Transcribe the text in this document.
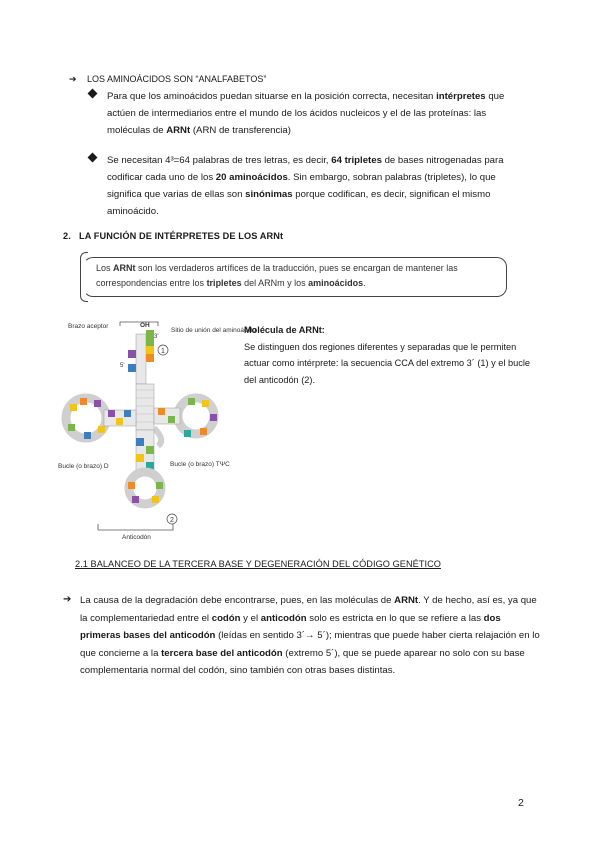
➔ LOS AMINOÁCIDOS SON “ANALFABETOS”
Para que los aminoácidos puedan situarse en la posición correcta, necesitan intérpretes que actúen de intermediarios entre el mundo de los ácidos nucleicos y el de las proteínas: las moléculas de ARNt (ARN de transferencia)
Se necesitan 4³=64 palabras de tres letras, es decir, 64 tripletes de bases nitrogenadas para codificar cada uno de los 20 aminoácidos. Sin embargo, sobran palabras (tripletes), lo que significa que varias de ellas son sinónimas porque codifican, es decir, significan el mismo aminoácido.
2. LA FUNCIÓN DE INTÉRPRETES DE LOS ARNt
Los ARNt son los verdaderos artífices de la traducción, pues se encargan de mantener las correspondencias entre los tripletes del ARNm y los aminoácidos.
Brazo aceptor
Sitio de unión del aminoácido
OH
3'
5'
1
Bucle (o brazo) D	Bucle (o brazo) TΨC
Anticodón
2
Molécula de ARNt:
Se distinguen dos regiones diferentes y separadas que le permiten actuar como intérprete: la secuencia CCA del extremo 3´ (1) y el bucle del anticodón (2).
2.1 BALANCEO DE LA TERCERA BASE Y DEGENERACIÓN DEL CÓDIGO GENÉTICO
➔ La causa de la degradación debe encontrarse, pues, en las moléculas de ARNt. Y de hecho, así es, ya que la complementariedad entre el codón y el anticodón solo es estricta en lo que se refiere a las dos primeras bases del anticodón (leídas en sentido 3´→ 5´); mientras que puede haber cierta relajación en lo que concierne a la tercera base del anticodón (extremo 5´), que se puede aparear no solo con su base complementaria normal del codón, sino también con otras bases distintas.
2
